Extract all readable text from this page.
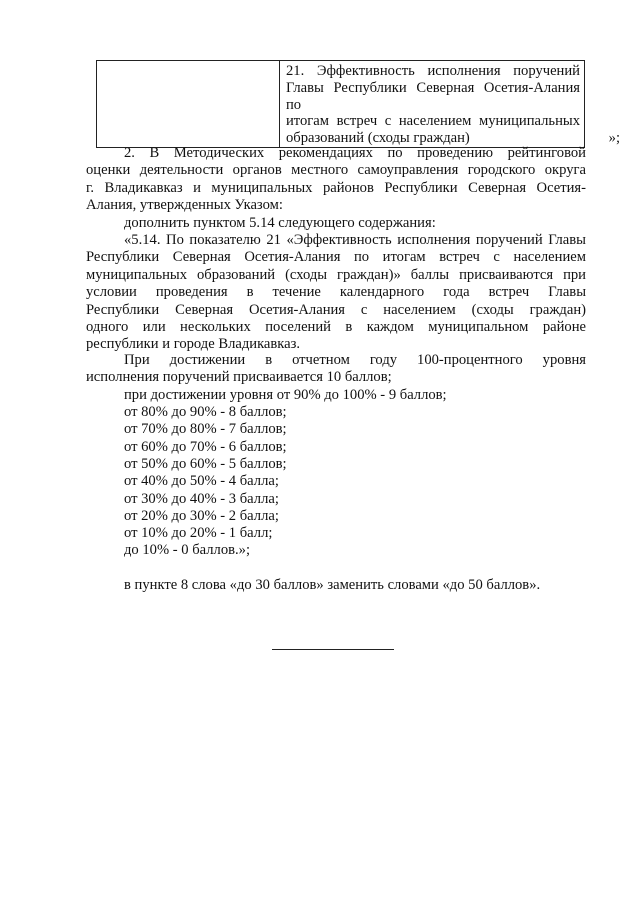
21. Эффективность исполнения поручений
Главы Республики Северная Осетия-Алания по
итогам встреч с населением муниципальных
образований (сходы граждан)	»;
2. В Методических рекомендациях по проведению рейтинговой
оценки деятельности органов местного самоуправления городского округа
г. Владикавказ и муниципальных районов Республики Северная Осетия-
Алания, утвержденных Указом:
дополнить пунктом 5.14 следующего содержания:
«5.14. По показателю 21 «Эффективность исполнения поручений Главы
Республики Северная Осетия-Алания по итогам встреч с населением
муниципальных образований (сходы граждан)» баллы присваиваются при
условии проведения в течение календарного года встреч Главы
Республики Северная Осетия-Алания с населением (сходы граждан)
одного или нескольких поселений в каждом муниципальном районе
республики и городе Владикавказ.
При достижении в отчетном году 100-процентного уровня
исполнения поручений присваивается 10 баллов;
при достижении уровня от 90% до 100% - 9 баллов;
от 80% до 90% - 8 баллов;
от 70% до 80% - 7 баллов;
от 60% до 70% - 6 баллов;
от 50% до 60% - 5 баллов;
от 40% до 50% - 4 балла;
от 30% до 40% - 3 балла;
от 20% до 30% - 2 балла;
от 10% до 20% - 1 балл;
до 10% - 0 баллов.»;
в пункте 8 слова «до 30 баллов» заменить словами «до 50 баллов».
